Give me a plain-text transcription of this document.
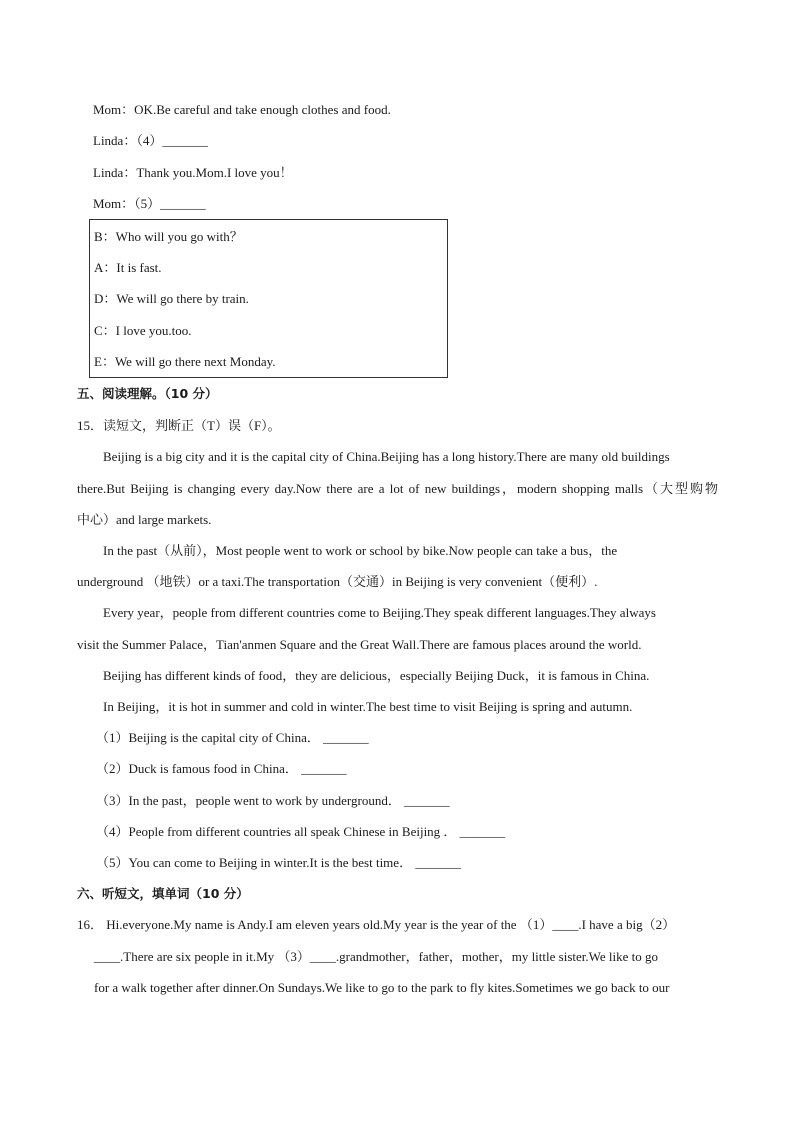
Mom：OK.Be careful and take enough clothes and food.
Linda：（4）_______
Linda：Thank you.Mom.I love you！
Mom：（5）_______
B：Who will you go with？
A：It is fast.
D：We will go there by train.
C：I love you.too.
E：We will go there next Monday.
五、阅读理解。（10 分）
15．读短文，判断正（T）误（F）。
Beijing is a big city and it is the capital city of China.Beijing has a long history.There are many old buildings
there.But Beijing is changing every day.Now there are a lot of new buildings，modern shopping malls（大型购物
中心）and large markets.
In the past（从前），Most people went to work or school by bike.Now people can take a bus，the
underground （地铁）or a taxi.The transportation（交通）in Beijing is very convenient（便利）.
Every year，people from different countries come to Beijing.They speak different languages.They always
visit the Summer Palace，Tian'anmen Square and the Great Wall.There are famous places around the world.
Beijing has different kinds of food，they are delicious，especially Beijing Duck，it is famous in China.
In Beijing，it is hot in summer and cold in winter.The best time to visit Beijing is spring and autumn.
（1）Beijing is the capital city of China． _______
（2）Duck is famous food in China． _______
（3）In the past，people went to work by underground． _______
（4）People from different countries all speak Chinese in Beijing ． _______
（5）You can come to Beijing in winter.It is the best time． _______
六、听短文，填单词（10 分）
16． Hi.everyone.My name is Andy.I am eleven years old.My year is the year of the （1）____.I have a big（2）
____.There are six people in it.My （3）____.grandmother，father，mother，my little sister.We like to go
for a walk together after dinner.On Sundays.We like to go to the park to fly kites.Sometimes we go back to our
